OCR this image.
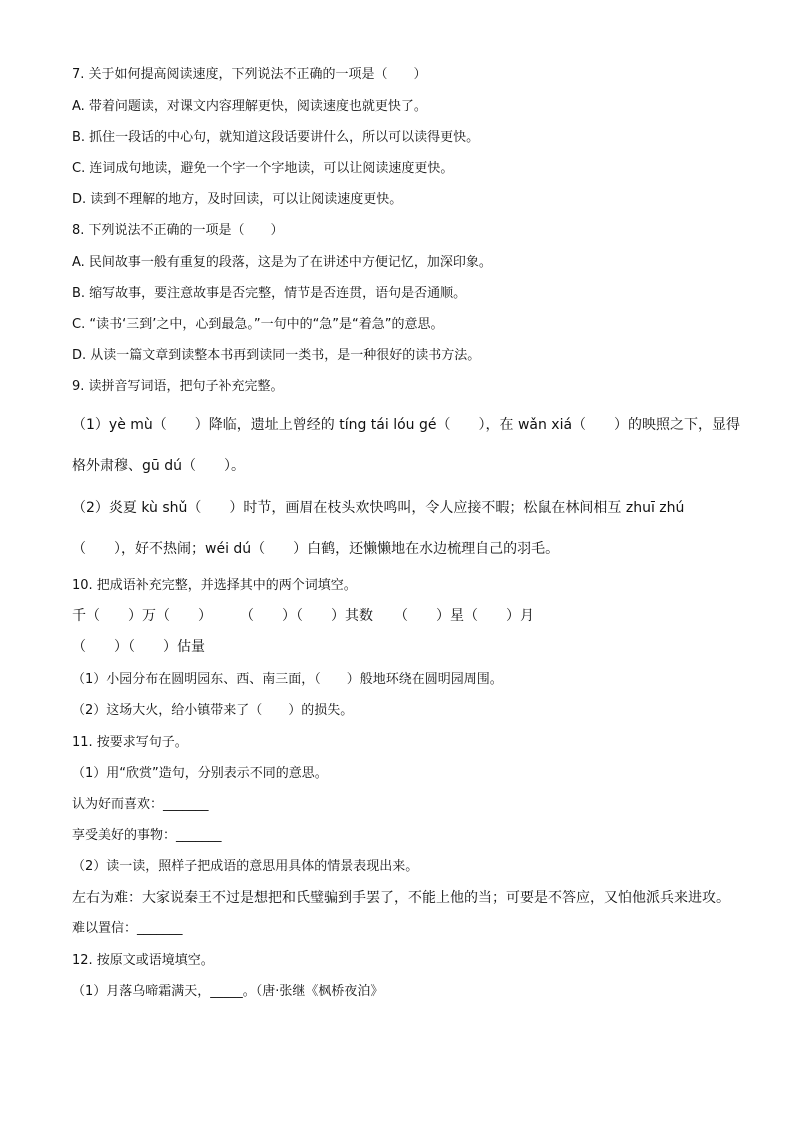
7. 关于如何提高阅读速度，下列说法不正确的一项是（　　）
A. 带着问题读，对课文内容理解更快，阅读速度也就更快了。
B. 抓住一段话的中心句，就知道这段话要讲什么，所以可以读得更快。
C. 连词成句地读，避免一个字一个字地读，可以让阅读速度更快。
D. 读到不理解的地方，及时回读，可以让阅读速度更快。
8. 下列说法不正确的一项是（　　）
A. 民间故事一般有重复的段落，这是为了在讲述中方便记忆，加深印象。
B. 缩写故事，要注意故事是否完整，情节是否连贯，语句是否通顺。
C. “读书‘三到’之中，心到最急。”一句中的“急”是“着急”的意思。
D. 从读一篇文章到读整本书再到读同一类书，是一种很好的读书方法。
9. 读拼音写词语，把句子补充完整。
（1）yè mù（　　）降临，遗址上曾经的 tíng tái lóu gé（　　），在 wǎn xiá（　　）的映照之下，显得
格外肃穆、gū dú（　　）。
（2）炎夏 kù shǔ（　　）时节，画眉在枝头欢快鸣叫，令人应接不暇；松鼠在林间相互 zhuī zhú
（　　），好不热闹；wéi dú（　　）白鹤，还懒懒地在水边梳理自己的羽毛。
10. 把成语补充完整，并选择其中的两个词填空。
千（　　）万（　　）　　　（　　）（　　）其数　　（　　）星（　　）月
（　　）（　　）估量
（1）小园分布在圆明园东、西、南三面，（　　）般地环绕在圆明园周围。
（2）这场大火，给小镇带来了（　　）的损失。
11. 按要求写句子。
（1）用“欣赏”造句，分别表示不同的意思。
认为好而喜欢：_______
享受美好的事物：_______
（2）读一读，照样子把成语的意思用具体的情景表现出来。
左右为难：大家说秦王不过是想把和氏璧骗到手罢了，不能上他的当；可要是不答应，又怕他派兵来进攻。
难以置信：_______
12. 按原文或语境填空。
（1）月落乌啼霜满天，_____。（唐·张继《枫桥夜泊》
